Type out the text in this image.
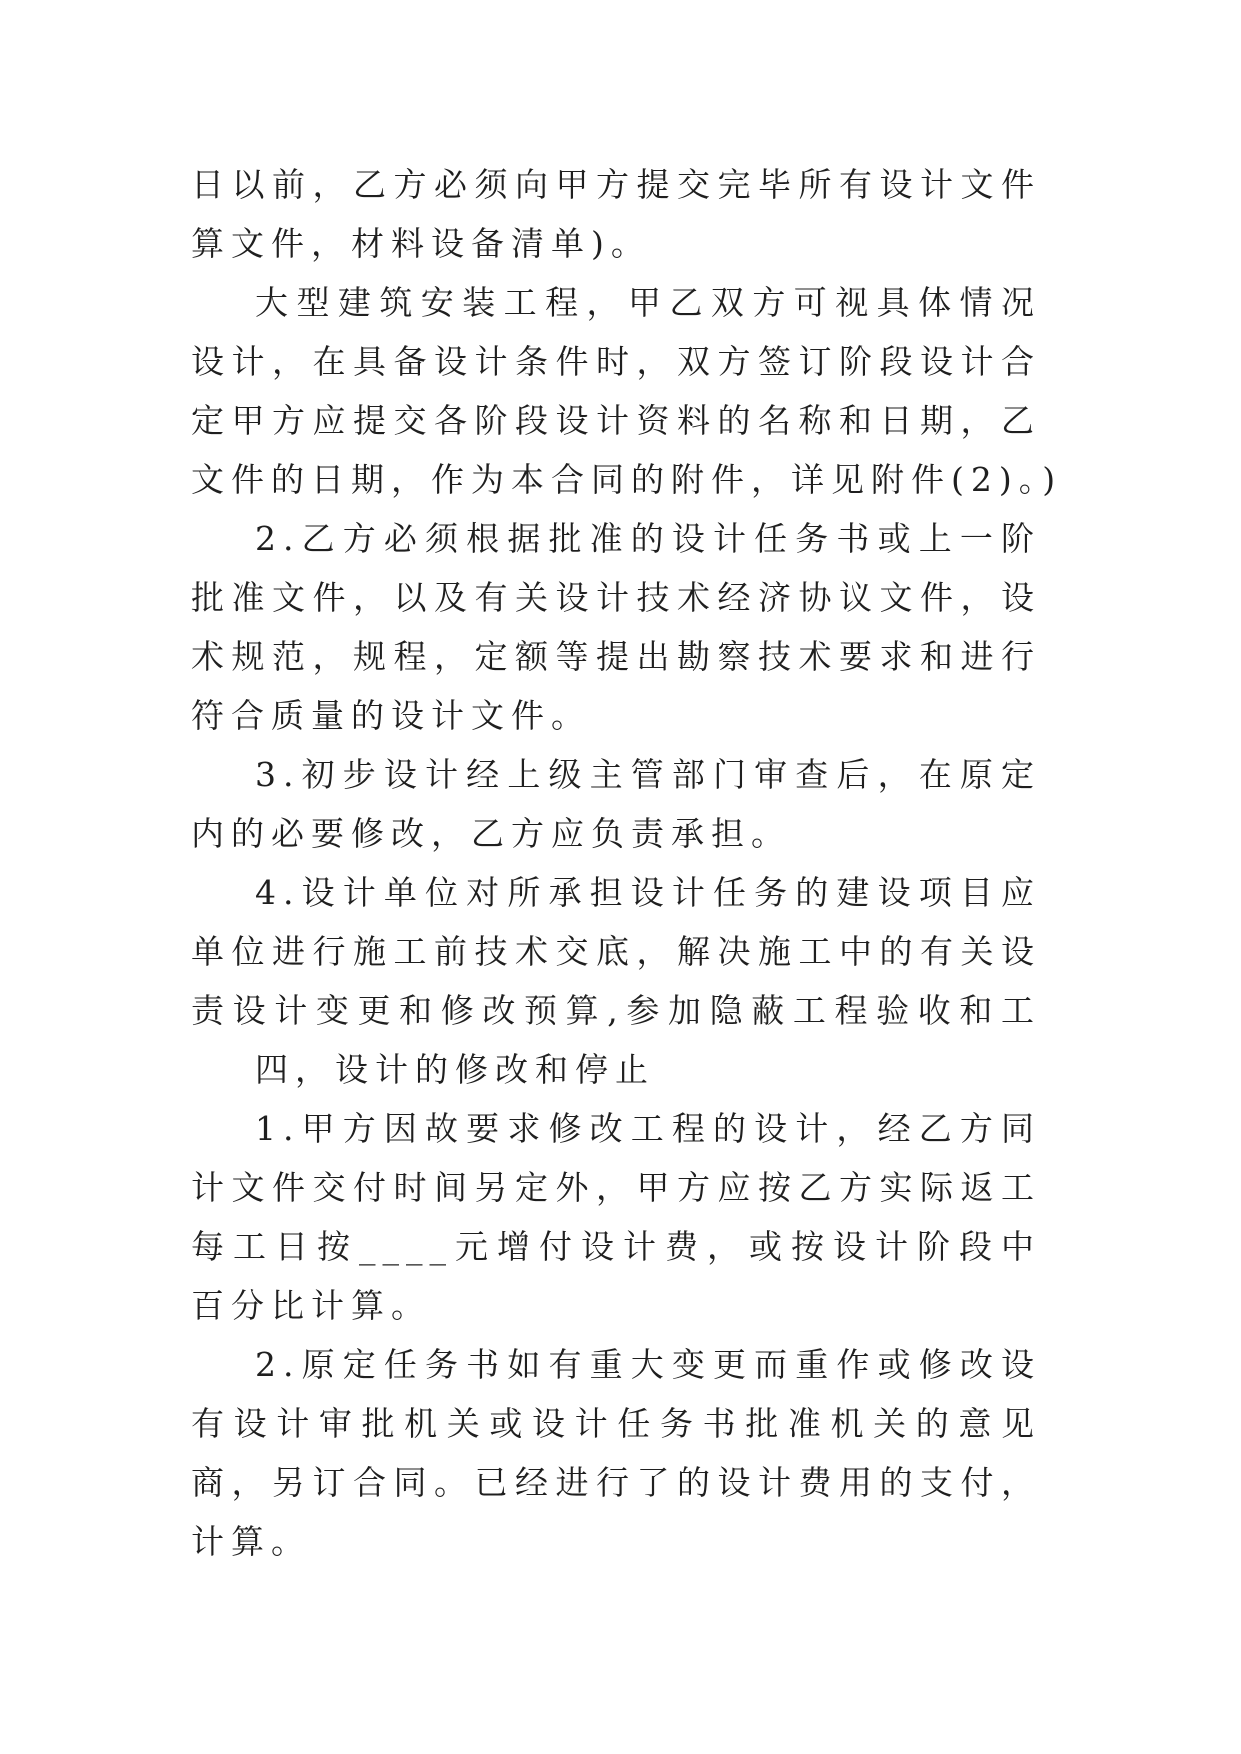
日以前，乙方必须向甲方提交完毕所有设计文件

算文件，材料设备清单)。

大型建筑安装工程，甲乙双方可视具体情况

设计，在具备设计条件时，双方签订阶段设计合

定甲方应提交各阶段设计资料的名称和日期，乙

文件的日期，作为本合同的附件，详见附件(2)。)

2.乙方必须根据批准的设计任务书或上一阶

批准文件，以及有关设计技术经济协议文件，设

术规范，规程，定额等提出勘察技术要求和进行

符合质量的设计文件。

3.初步设计经上级主管部门审查后，在原定

内的必要修改，乙方应负责承担。

4.设计单位对所承担设计任务的建设项目应

单位进行施工前技术交底，解决施工中的有关设

责设计变更和修改预算,参加隐蔽工程验收和工

四，设计的修改和停止

1.甲方因故要求修改工程的设计，经乙方同

计文件交付时间另定外，甲方应按乙方实际返工

每工日按____元增付设计费，或按设计阶段中

百分比计算。

2.原定任务书如有重大变更而重作或修改设

有设计审批机关或设计任务书批准机关的意见

商，另订合同。已经进行了的设计费用的支付，

计算。
